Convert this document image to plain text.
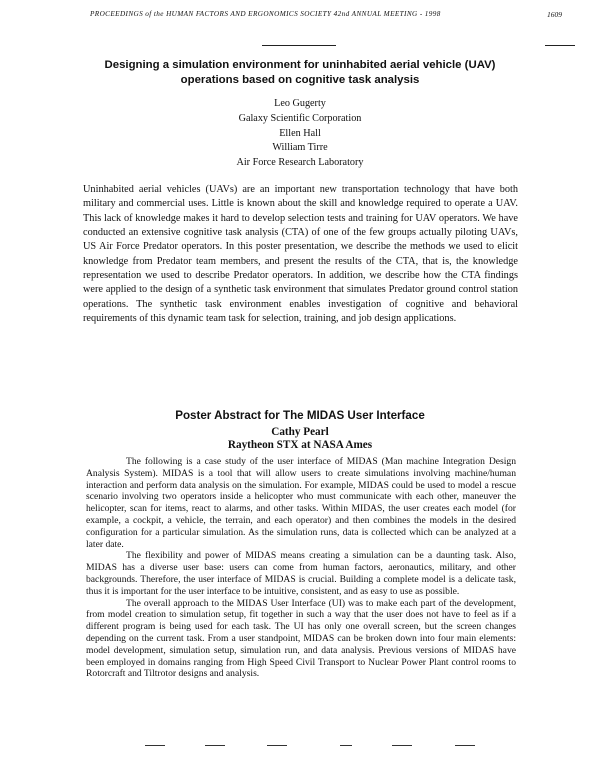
PROCEEDINGS of the HUMAN FACTORS AND ERGONOMICS SOCIETY 42nd ANNUAL MEETING - 1998	1609
Designing a simulation environment for uninhabited aerial vehicle (UAV)
operations based on cognitive task analysis
Leo Gugerty
Galaxy Scientific Corporation
Ellen Hall
William Tirre
Air Force Research Laboratory
Uninhabited aerial vehicles (UAVs) are an important new transportation technology that have both military and commercial uses. Little is known about the skill and knowledge required to operate a UAV. This lack of knowledge makes it hard to develop selection tests and training for UAV operators. We have conducted an extensive cognitive task analysis (CTA) of one of the few groups actually piloting UAVs, US Air Force Predator operators. In this poster presentation, we describe the methods we used to elicit knowledge from Predator team members, and present the results of the CTA, that is, the knowledge representation we used to describe Predator operators. In addition, we describe how the CTA findings were applied to the design of a synthetic task environment that simulates Predator ground control station operations. The synthetic task environment enables investigation of cognitive and behavioral requirements of this dynamic team task for selection, training, and job design applications.
Poster Abstract for The MIDAS User Interface
Cathy Pearl
Raytheon STX at NASA Ames

The following is a case study of the user interface of MIDAS (Man machine Integration Design Analysis System). MIDAS is a tool that will allow users to create simulations involving machine/human interaction and perform data analysis on the simulation. For example, MIDAS could be used to model a rescue scenario involving two operators inside a helicopter who must communicate with each other, maneuver the helicopter, scan for items, react to alarms, and other tasks. Within MIDAS, the user creates each model (for example, a cockpit, a vehicle, the terrain, and each operator) and then combines the models in the desired configuration for a particular simulation. As the simulation runs, data is collected which can be analyzed at a later date.

The flexibility and power of MIDAS means creating a simulation can be a daunting task. Also, MIDAS has a diverse user base: users can come from human factors, aeronautics, military, and other backgrounds. Therefore, the user interface of MIDAS is crucial. Building a complete model is a delicate task, thus it is important for the user interface to be intuitive, consistent, and as easy to use as possible.

The overall approach to the MIDAS User Interface (UI) was to make each part of the development, from model creation to simulation setup, fit together in such a way that the user does not have to feel as if a different program is being used for each task. The UI has only one overall screen, but the screen changes depending on the current task. From a user standpoint, MIDAS can be broken down into four main elements: model development, simulation setup, simulation run, and data analysis. Previous versions of MIDAS have been employed in domains ranging from High Speed Civil Transport to Nuclear Power Plant control rooms to Rotorcraft and Tiltrotor designs and analysis.
